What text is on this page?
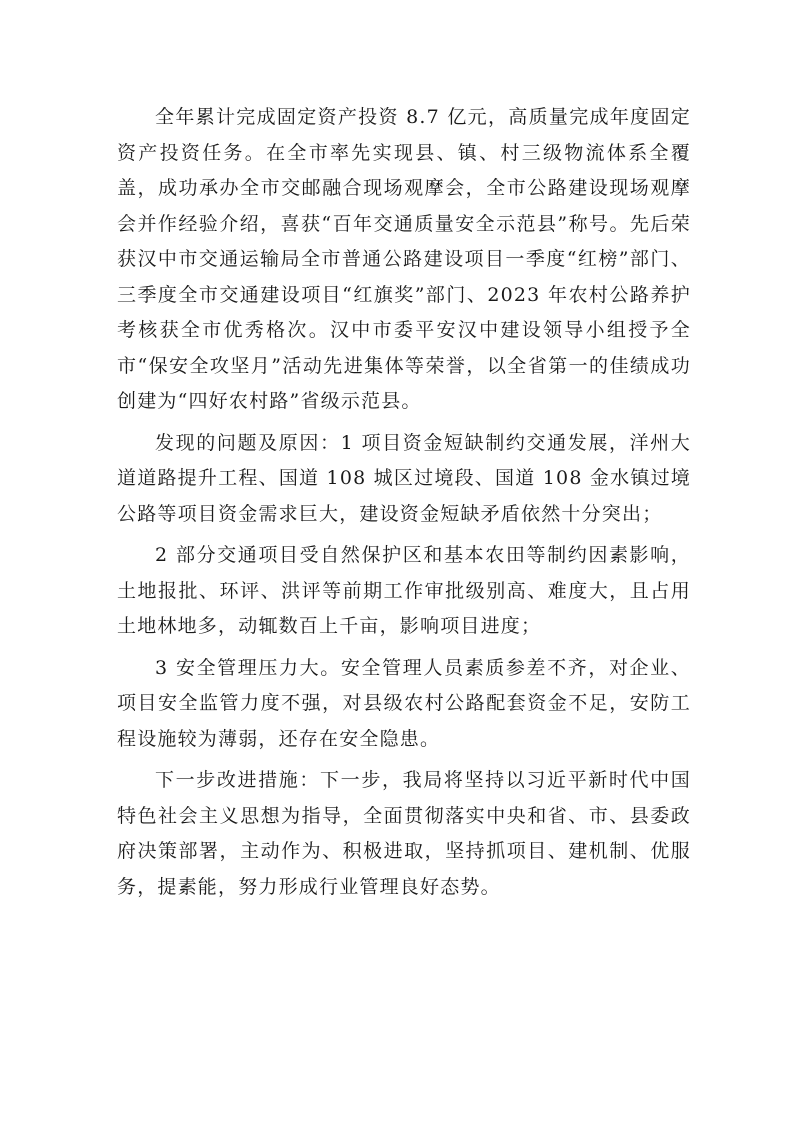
全年累计完成固定资产投资 8.7 亿元，高质量完成年度固定资产投资任务。在全市率先实现县、镇、村三级物流体系全覆盖，成功承办全市交邮融合现场观摩会，全市公路建设现场观摩会并作经验介绍，喜获“百年交通质量安全示范县”称号。先后荣获汉中市交通运输局全市普通公路建设项目一季度“红榜”部门、三季度全市交通建设项目“红旗奖”部门、2023 年农村公路养护考核获全市优秀格次。汉中市委平安汉中建设领导小组授予全市“保安全攻坚月”活动先进集体等荣誉，以全省第一的佳绩成功创建为“四好农村路”省级示范县。

发现的问题及原因：1 项目资金短缺制约交通发展，洋州大道道路提升工程、国道 108 城区过境段、国道 108 金水镇过境公路等项目资金需求巨大，建设资金短缺矛盾依然十分突出；

2 部分交通项目受自然保护区和基本农田等制约因素影响，土地报批、环评、洪评等前期工作审批级别高、难度大，且占用土地林地多，动辄数百上千亩，影响项目进度；

3 安全管理压力大。安全管理人员素质参差不齐，对企业、项目安全监管力度不强，对县级农村公路配套资金不足，安防工程设施较为薄弱，还存在安全隐患。

下一步改进措施：下一步，我局将坚持以习近平新时代中国特色社会主义思想为指导，全面贯彻落实中央和省、市、县委政府决策部署，主动作为、积极进取，坚持抓项目、建机制、优服务，提素能，努力形成行业管理良好态势。
